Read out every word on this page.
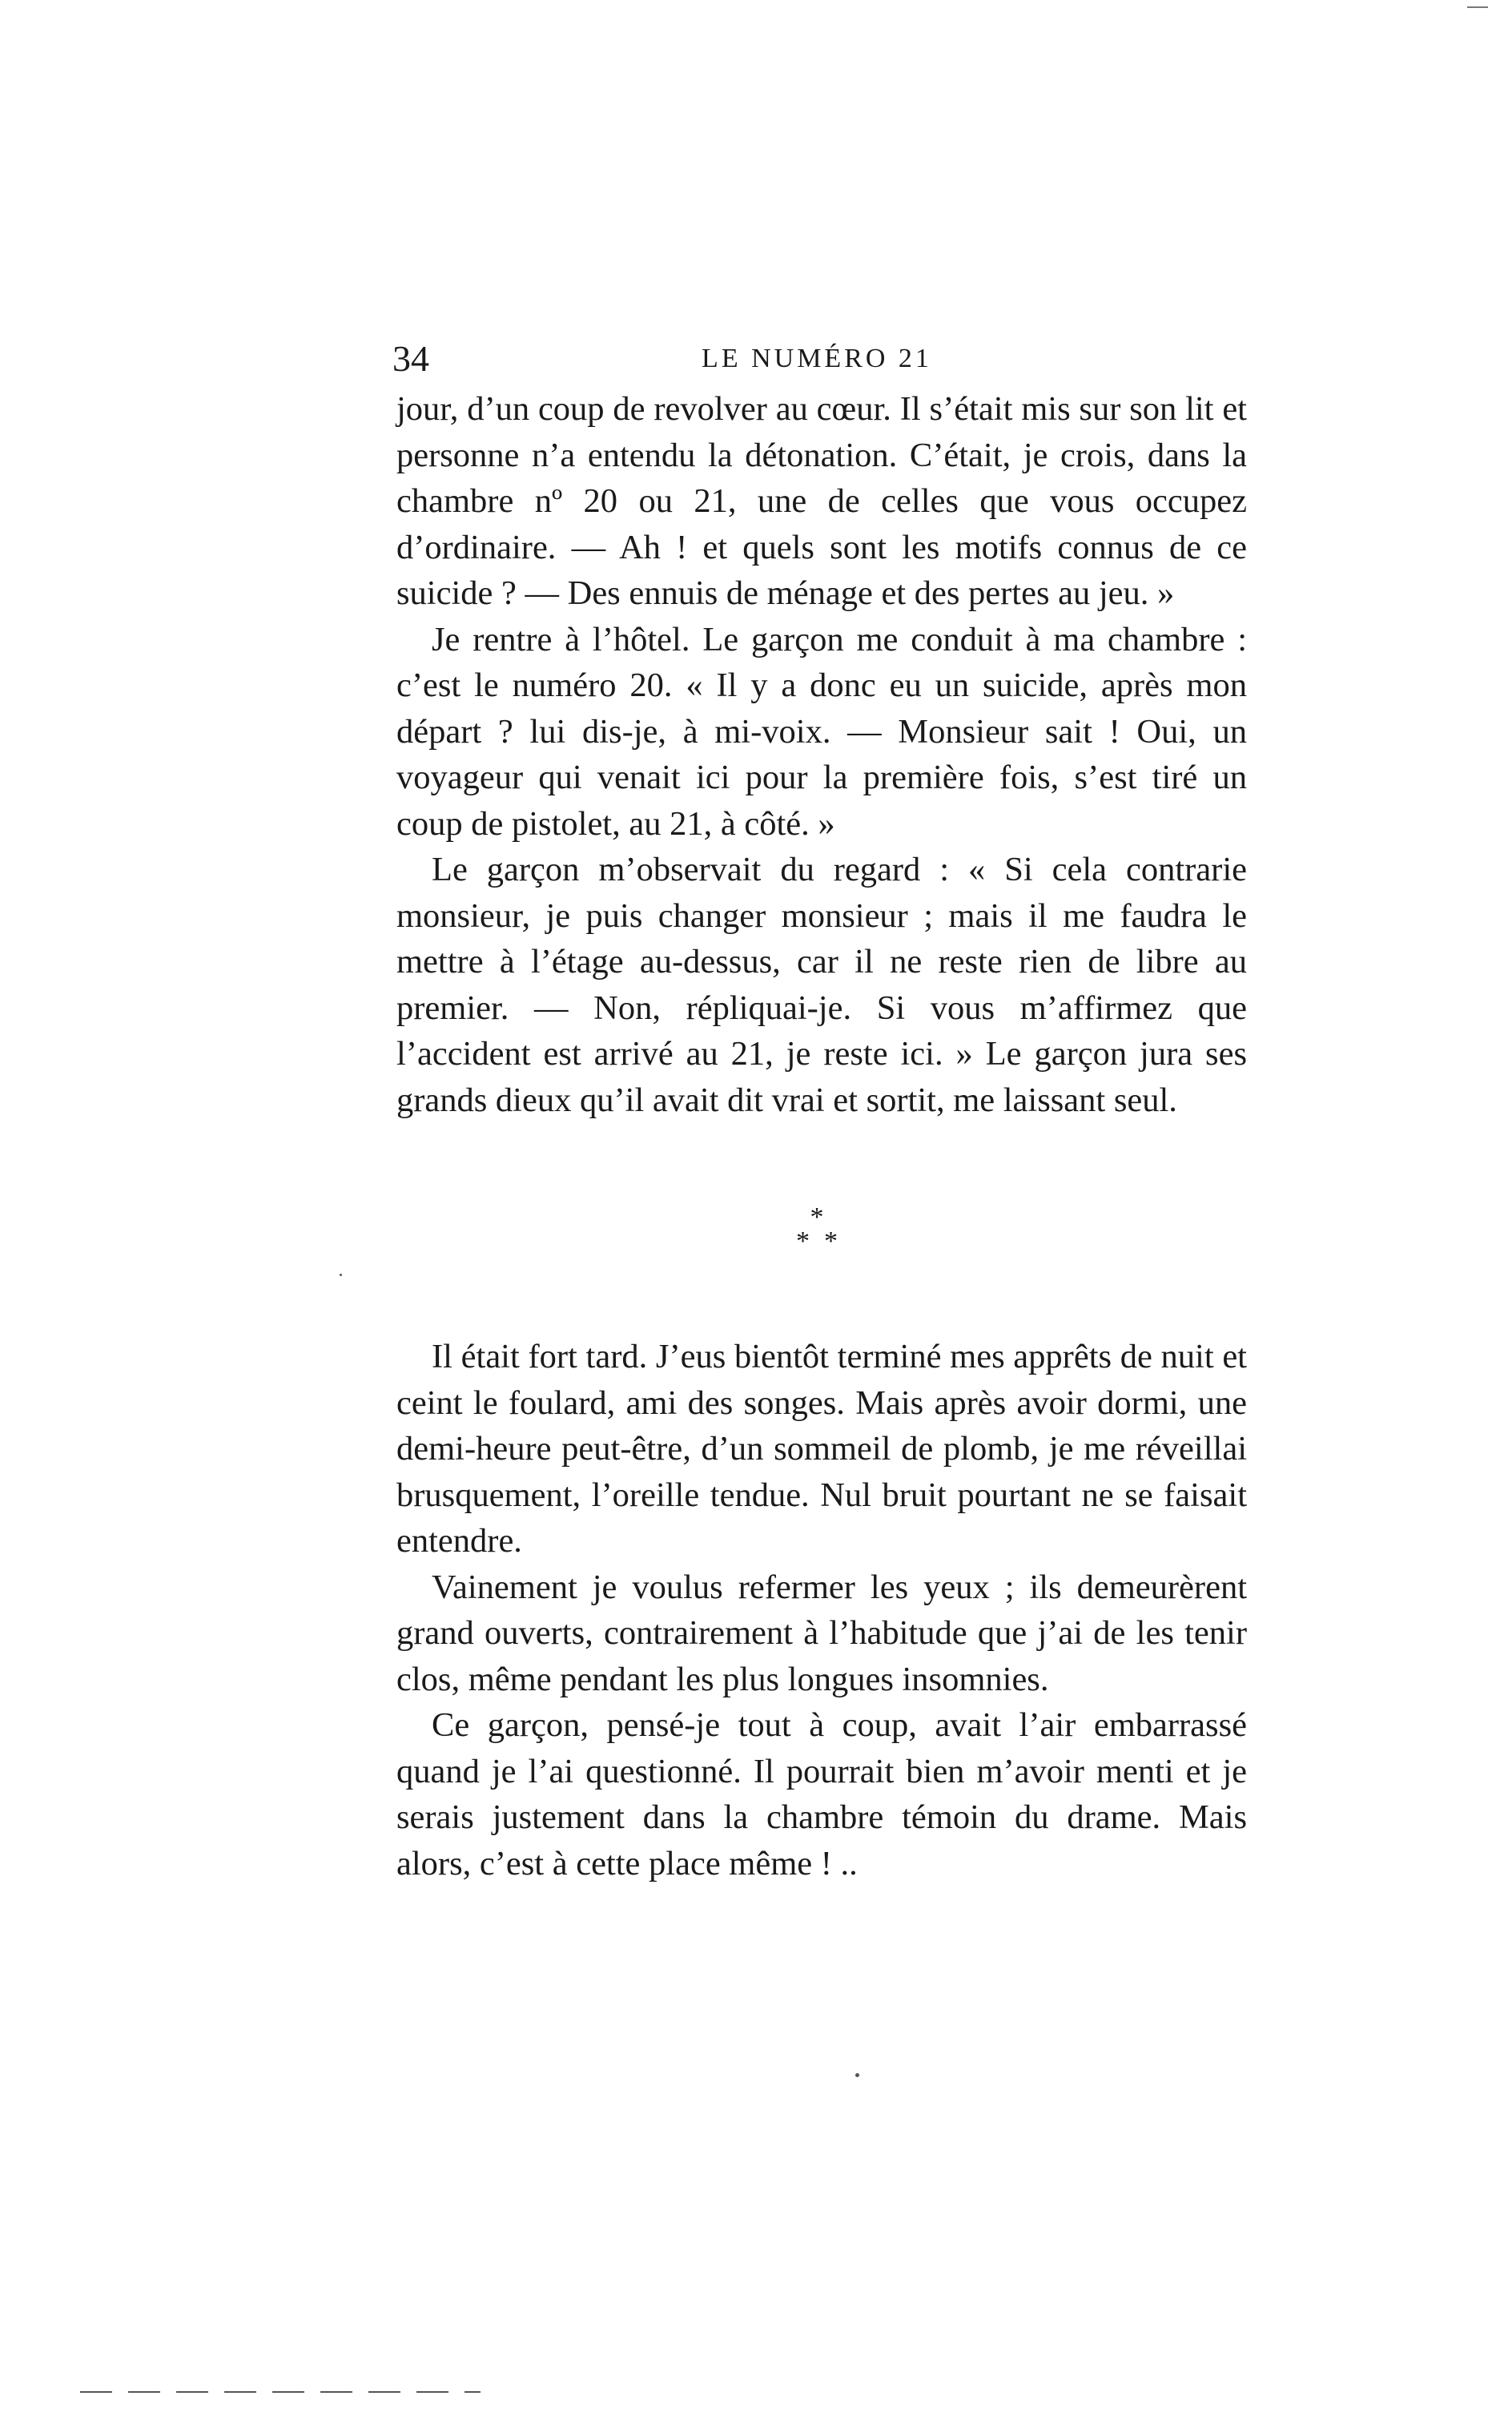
34	LE NUMÉRO 21

jour, d’un coup de revolver au cœur. Il s’était mis sur son lit et personne n’a entendu la détonation. C’était, je crois, dans la chambre nº 20 ou 21, une de celles que vous occupez d’ordinaire. — Ah ! et quels sont les motifs connus de ce suicide ? — Des ennuis de ménage et des pertes au jeu. »

Je rentre à l’hôtel. Le garçon me conduit à ma chambre : c’est le numéro 20. « Il y a donc eu un suicide, après mon départ ? lui dis-je, à mi-voix. — Monsieur sait ! Oui, un voyageur qui venait ici pour la première fois, s’est tiré un coup de pistolet, au 21, à côté. »

Le garçon m’observait du regard : « Si cela contrarie monsieur, je puis changer monsieur ; mais il me faudra le mettre à l’étage au-dessus, car il ne reste rien de libre au premier. — Non, répliquai-je. Si vous m’affirmez que l’accident est arrivé au 21, je reste ici. » Le garçon jura ses grands dieux qu’il avait dit vrai et sortit, me laissant seul.

*
**

Il était fort tard. J’eus bientôt terminé mes apprêts de nuit et ceint le foulard, ami des songes. Mais après avoir dormi, une demi-heure peut-être, d’un sommeil de plomb, je me réveillai brusquement, l’oreille tendue. Nul bruit pourtant ne se faisait entendre.

Vainement je voulus refermer les yeux ; ils demeurèrent grand ouverts, contrairement à l’habitude que j’ai de les tenir clos, même pendant les plus longues insomnies.

Ce garçon, pensé-je tout à coup, avait l’air embarrassé quand je l’ai questionné. Il pourrait bien m’avoir menti et je serais justement dans la chambre témoin du drame. Mais alors, c’est à cette place même ! ..
